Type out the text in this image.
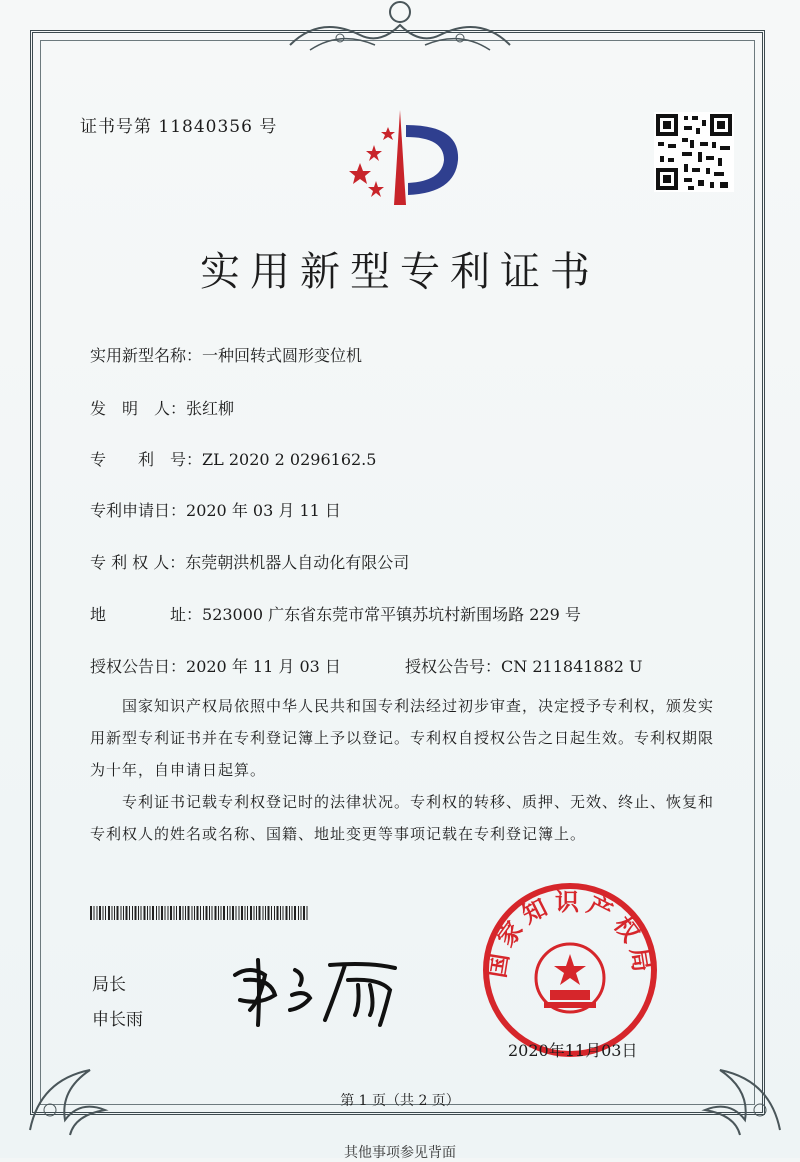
证书号第 11840356 号
实用新型专利证书
实用新型名称：一种回转式圆形变位机
发　明　人：张红柳
专　　利　号：ZL 2020 2 0296162.5
专利申请日：2020 年 03 月 11 日
专 利 权 人：东莞朝洪机器人自动化有限公司
地　　　　址：523000 广东省东莞市常平镇苏坑村新围场路 229 号
授权公告日：2020 年 11 月 03 日	授权公告号：CN 211841882 U
　　国家知识产权局依照中华人民共和国专利法经过初步审查，决定授予专利权，颁发实用新型专利证书并在专利登记簿上予以登记。专利权自授权公告之日起生效。专利权期限为十年，自申请日起算。
　　专利证书记载专利权登记时的法律状况。专利权的转移、质押、无效、终止、恢复和专利权人的姓名或名称、国籍、地址变更等事项记载在专利登记簿上。
局长
申长雨
国家知识产权局
2020年11月03日
第 1 页（共 2 页）
其他事项参见背面
